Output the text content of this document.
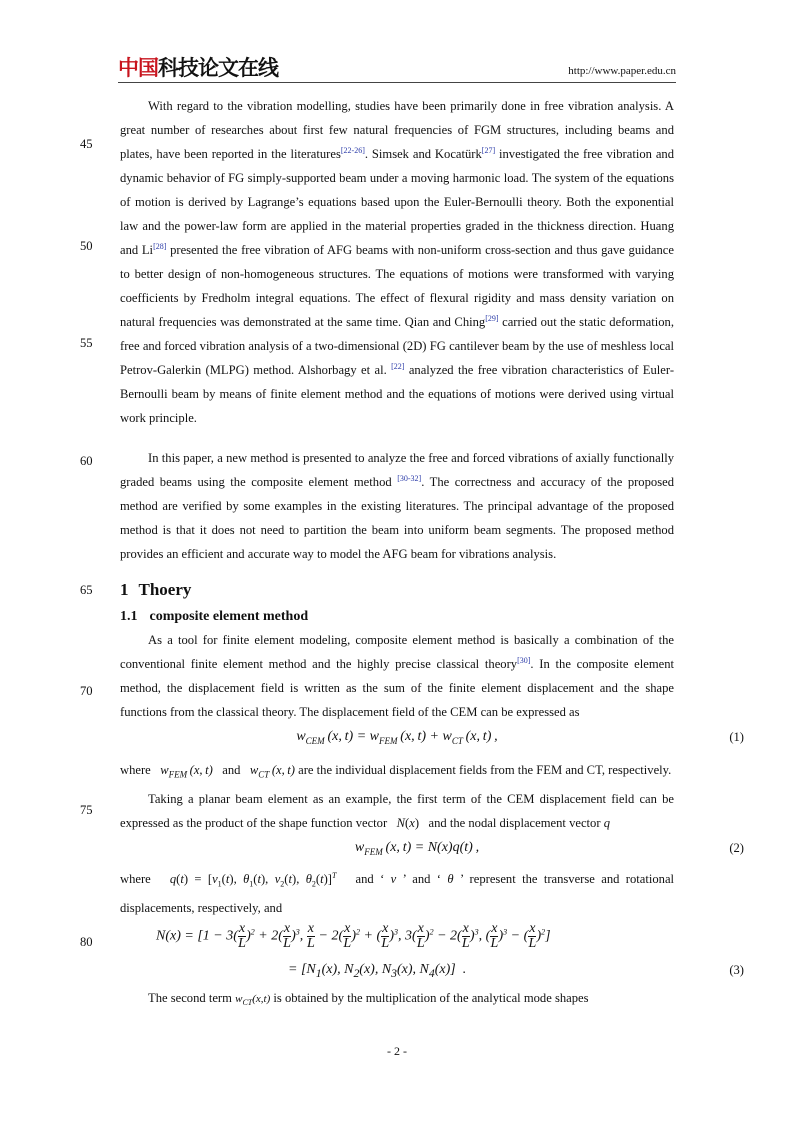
中国科技论文在线	http://www.paper.edu.cn
45
50
55
60
65
70
75
80

With regard to the vibration modelling, studies have been primarily done in free vibration analysis. A great number of researches about first few natural frequencies of FGM structures, including beams and plates, have been reported in the literatures[22-26]. Simsek and Kocatürk[27] investigated the free vibration and dynamic behavior of FG simply-supported beam under a moving harmonic load. The system of the equations of motion is derived by Lagrange’s equations based upon the Euler-Bernoulli theory. Both the exponential law and the power-law form are applied in the material properties graded in the thickness direction. Huang and Li[28] presented the free vibration of AFG beams with non-uniform cross-section and thus gave guidance to better design of non-homogeneous structures. The equations of motions were transformed with varying coefficients by Fredholm integral equations. The effect of flexural rigidity and mass density variation on natural frequencies was demonstrated at the same time. Qian and Ching[29] carried out the static deformation, free and forced vibration analysis of a two-dimensional (2D) FG cantilever beam by the use of meshless local Petrov-Galerkin (MLPG) method. Alshorbagy et al. [22] analyzed the free vibration characteristics of Euler-Bernoulli beam by means of finite element method and the equations of motions were derived using virtual work principle.

In this paper, a new method is presented to analyze the free and forced vibrations of axially functionally graded beams using the composite element method [30-32]. The correctness and accuracy of the proposed method are verified by some examples in the existing literatures. The principal advantage of the proposed method is that it does not need to partition the beam into uniform beam segments. The proposed method provides an efficient and accurate way to model the AFG beam for vibrations analysis.

1 Thoery
1.1 composite element method

As a tool for finite element modeling, composite element method is basically a combination of the conventional finite element method and the highly precise classical theory[30]. In the composite element method, the displacement field is written as the sum of the finite element displacement and the shape functions from the classical theory. The displacement field of the CEM can be expressed as

$w_{CEM}$ (x, $t) = w_{FEM}$ (x, $t) + w_{CT}$ (x, t) ,	(1)

where $w_{FEM}$ (x, t) and $w_{CT}$ (x, t) are the individual displacement fields from the FEM and CT, respectively.

Taking a planar beam element as an example, the first term of the CEM displacement field can be expressed as the product of the shape function vector N(x)   and the nodal displacement vector q

$w_{FEM}$ (x, t) = N(x)q(t) ,	(2)

where $q(t) = [v_1(t)$, $\theta_1(t)$, $v_2(t)$, $\theta_2(t)]^T$ and ‘ v ’ and ‘ θ ’ represent the transverse and rotational displacements, respectively, and

$N(x) = [1 - 3( \frac{x}{L} )^2 + 2( \frac{x}{L} )^3$, $\frac{x}{L} - 2( \frac{x}{L} )^2$ + ( $\frac{x}{L} )^3$, $3( \frac{x}{L} )^2 - 2( \frac{x}{L} )^3$, ( $\frac{x}{L} )^3$ − ( $\frac{x}{L} )^2$]
= [$N_1(x)$, $N_2(x)$, $N_3(x)$, $N_4(x)$]  .	(3)

The second term $w_{CT}(x,t)$ is obtained by the multiplication of the analytical mode shapes

- 2 -
